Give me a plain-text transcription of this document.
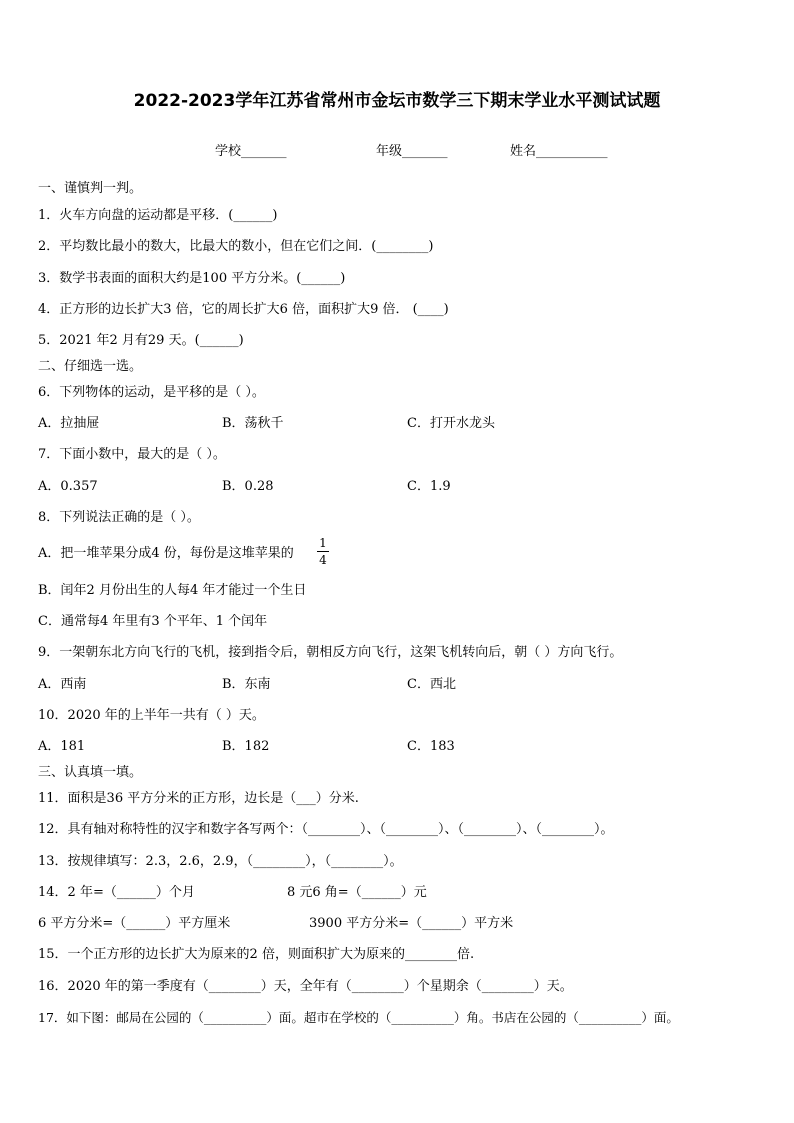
2022-2023学年江苏省常州市金坛市数学三下期末学业水平测试试题
学校_______	年级_______	姓名___________
一、谨慎判一判。
1．火车方向盘的运动都是平移．(______)
2．平均数比最小的数大，比最大的数小，但在它们之间．(________)
3．数学书表面的面积大约是100 平方分米。(______)
4．正方形的边长扩大3 倍，它的周长扩大6 倍，面积扩大9 倍． (____)
5．2021 年2 月有29 天。(______)
二、仔细选一选。
6．下列物体的运动，是平移的是（ ）。
A．拉抽屉	B．荡秋千	C．打开水龙头
7．下面小数中，最大的是（ ）。
A．0.357	B．0.28	C．1.9
8．下列说法正确的是（ ）。
A．把一堆苹果分成4 份，每份是这堆苹果的
1
4
B．闰年2 月份出生的人每4 年才能过一个生日
C．通常每4 年里有3 个平年、1 个闰年
9．一架朝东北方向飞行的飞机，接到指令后，朝相反方向飞行，这架飞机转向后，朝（ ）方向飞行。
A．西南	B．东南	C．西北
10．2020 年的上半年一共有（ ）天。
A．181	B．182	C．183
三、认真填一填。
11．面积是36 平方分米的正方形，边长是（___）分米.
12．具有轴对称特性的汉字和数字各写两个：（________）、（________）、（________）、（________）。
13．按规律填写：2.3，2.6，2.9，（________），（________）。
14．2 年=（______）个月	8 元6 角=（______）元
6 平方分米=（______）平方厘米	3900 平方分米=（______）平方米
15．一个正方形的边长扩大为原来的2 倍，则面积扩大为原来的________倍.
16．2020 年的第一季度有（________）天，全年有（________）个星期余（________）天。
17．如下图：邮局在公园的（__________）面。超市在学校的（__________）角。书店在公园的（__________）面。
